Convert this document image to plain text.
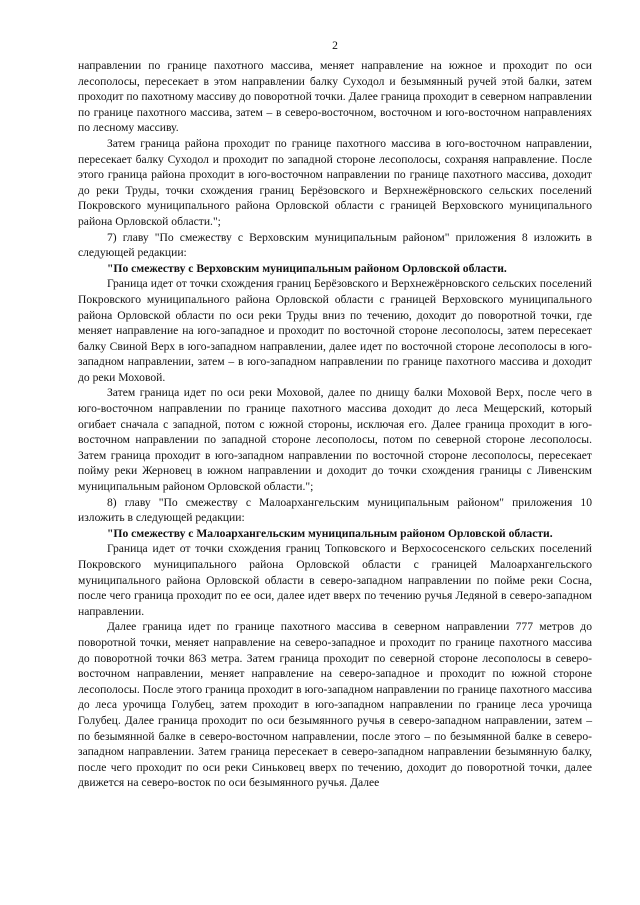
2

направлении по границе пахотного массива, меняет направление на южное и проходит по оси лесополосы, пересекает в этом направлении балку Суходол и безымянный ручей этой балки, затем проходит по пахотному массиву до поворотной точки. Далее граница проходит в северном направлении по границе пахотного массива, затем – в северо-восточном, восточном и юго-восточном направлениях по лесному массиву.

Затем граница района проходит по границе пахотного массива в юго-восточном направлении, пересекает балку Суходол и проходит по западной стороне лесополосы, сохраняя направление. После этого граница района проходит в юго-восточном направлении по границе пахотного массива, доходит до реки Труды, точки схождения границ Берёзовского и Верхнежёрновского сельских поселений Покровского муниципального района Орловской области с границей Верховского муниципального района Орловской области.";

7) главу "По смежеству с Верховским муниципальным районом" приложения 8 изложить в следующей редакции:

"По смежеству с Верховским муниципальным районом Орловской области.

Граница идет от точки схождения границ Берёзовского и Верхнежёрновского сельских поселений Покровского муниципального района Орловской области с границей Верховского муниципального района Орловской области по оси реки Труды вниз по течению, доходит до поворотной точки, где меняет направление на юго-западное и проходит по восточной стороне лесополосы, затем пересекает балку Свиной Верх в юго-западном направлении, далее идет по восточной стороне лесополосы в юго-западном направлении, затем – в юго-западном направлении по границе пахотного массива и доходит до реки Моховой.

Затем граница идет по оси реки Моховой, далее по днищу балки Моховой Верх, после чего в юго-восточном направлении по границе пахотного массива доходит до леса Мещерский, который огибает сначала с западной, потом с южной стороны, исключая его. Далее граница проходит в юго-восточном направлении по западной стороне лесополосы, потом по северной стороне лесополосы. Затем граница проходит в юго-западном направлении по восточной стороне лесополосы, пересекает пойму реки Жерновец в южном направлении и доходит до точки схождения границы с Ливенским муниципальным районом Орловской области.";

8) главу "По смежеству с Малоархангельским муниципальным районом" приложения 10 изложить в следующей редакции:

"По смежеству с Малоархангельским муниципальным районом Орловской области.

Граница идет от точки схождения границ Топковского и Верхососенского сельских поселений Покровского муниципального района Орловской области с границей Малоархангельского муниципального района Орловской области в северо-западном направлении по пойме реки Сосна, после чего граница проходит по ее оси, далее идет вверх по течению ручья Ледяной в северо-западном направлении.

Далее граница идет по границе пахотного массива в северном направлении 777 метров до поворотной точки, меняет направление на северо-западное и проходит по границе пахотного массива до поворотной точки 863 метра. Затем граница проходит по северной стороне лесополосы в северо-восточном направлении, меняет направление на северо-западное и проходит по южной стороне лесополосы. После этого граница проходит в юго-западном направлении по границе пахотного массива до леса урочища Голубец, затем проходит в юго-западном направлении по границе леса урочища Голубец. Далее граница проходит по оси безымянного ручья в северо-западном направлении, затем – по безымянной балке в северо-восточном направлении, после этого – по безымянной балке в северо-западном направлении. Затем граница пересекает в северо-западном направлении безымянную балку, после чего проходит по оси реки Синьковец вверх по течению, доходит до поворотной точки, далее движется на северо-восток по оси безымянного ручья. Далее
